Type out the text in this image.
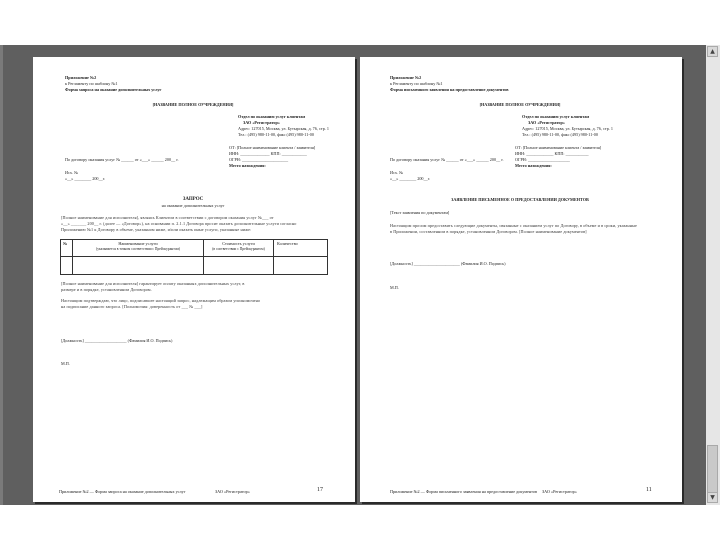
Приложение №2
к Регламенту по шаблону №1
Форма запроса на оказание дополнительных услуг
[НАЗВАНИЕ ПОЛНОЕ ОУЧРЕЖДЕНИЯ]
Отдел по оказанию услуг клиентам
ЗАО «Регистратор»
Адрес: 127015, Москва, ул. Бутырская, д. 76, стр. 1
Тел.: (495) 980-11-00, факс (495) 980-11-00
ОТ: [Полное наименование клиента / заявителя]
ИНН: ______________ КПП: ____________
ОГРН: ______________________
Место нахождения:
По договору оказания услуг № ______ от «___» ______ 200__ г.
Исх. №
«__» ________ 200__г.
ЗАПРОС
на оказание дополнительных услуг
[Полное наименование для исполнителя], являясь Клиентом в соответствии с договором оказания услуг №___ от
«__» _______ 200__ г. (далее — «Договор»), на основании п. 2.1.1 Договора просит оказать дополнительные услуги согласно
Приложению №1 к Договору в объеме, указанном ниже, и/или оказать иные услуги, указанные ниже:
№	Наименование услуги	Стоимость услуги	Количество
(указывается в точном соответствии с Прейскурантом)	(в соответствии с Прейскурантом)
[Полное наименование для исполнителя] гарантирует оплату оказанных дополнительных услуг, в
размере и в порядке, установленном Договором.
Настоящим подтверждаю, что лицо, подписавшее настоящий запрос, надлежащим образом уполномочено
на подписание данного запроса. [Полномочия: доверенность от ___ № ___]
[Должность] ____________________ (Фамилия И.О. Подпись)
М.П.
Приложение №2 — Форма запроса на оказание дополнительных услуг	ЗАО «Регистратор»	17
Приложение №2
к Регламенту по шаблону №1
Форма письменного заявления на предоставление документов
[НАЗВАНИЕ ПОЛНОЕ ОУЧРЕЖДЕНИЯ]
Отдел по оказанию услуг клиентам
ЗАО «Регистратор»
Адрес: 127015, Москва, ул. Бутырская, д. 76, стр. 1
Тел.: (495) 980-11-00, факс (495) 980-11-00
ОТ: [Полное наименование клиента / заявителя]
ИНН: _____________ КПП: ___________
ОГРН: ____________________
Место нахождения:
По договору оказания услуг № ______ от «___» ______ 200__ г.
Исх. №
«__» ________ 200__г.
ЗАЯВЛЕНИЕ ПИСЬМЕННОЕ О ПРЕДОСТАВЛЕНИИ ДОКУМЕНТОВ
[Текст заявления по документам]
Настоящим просим предоставить следующие документы, связанные с оказанием услуг по Договору, в объеме и в сроки, указанные
в Приложении, составленном в порядке, установленном Договором. [Полное наименование документов]
[Должность] ______________________ (Фамилия И.О. Подпись)
М.П.
Приложение №2 — Форма письменного заявления на предоставление документов ЗАО «Регистратор»	11
▲
▼
